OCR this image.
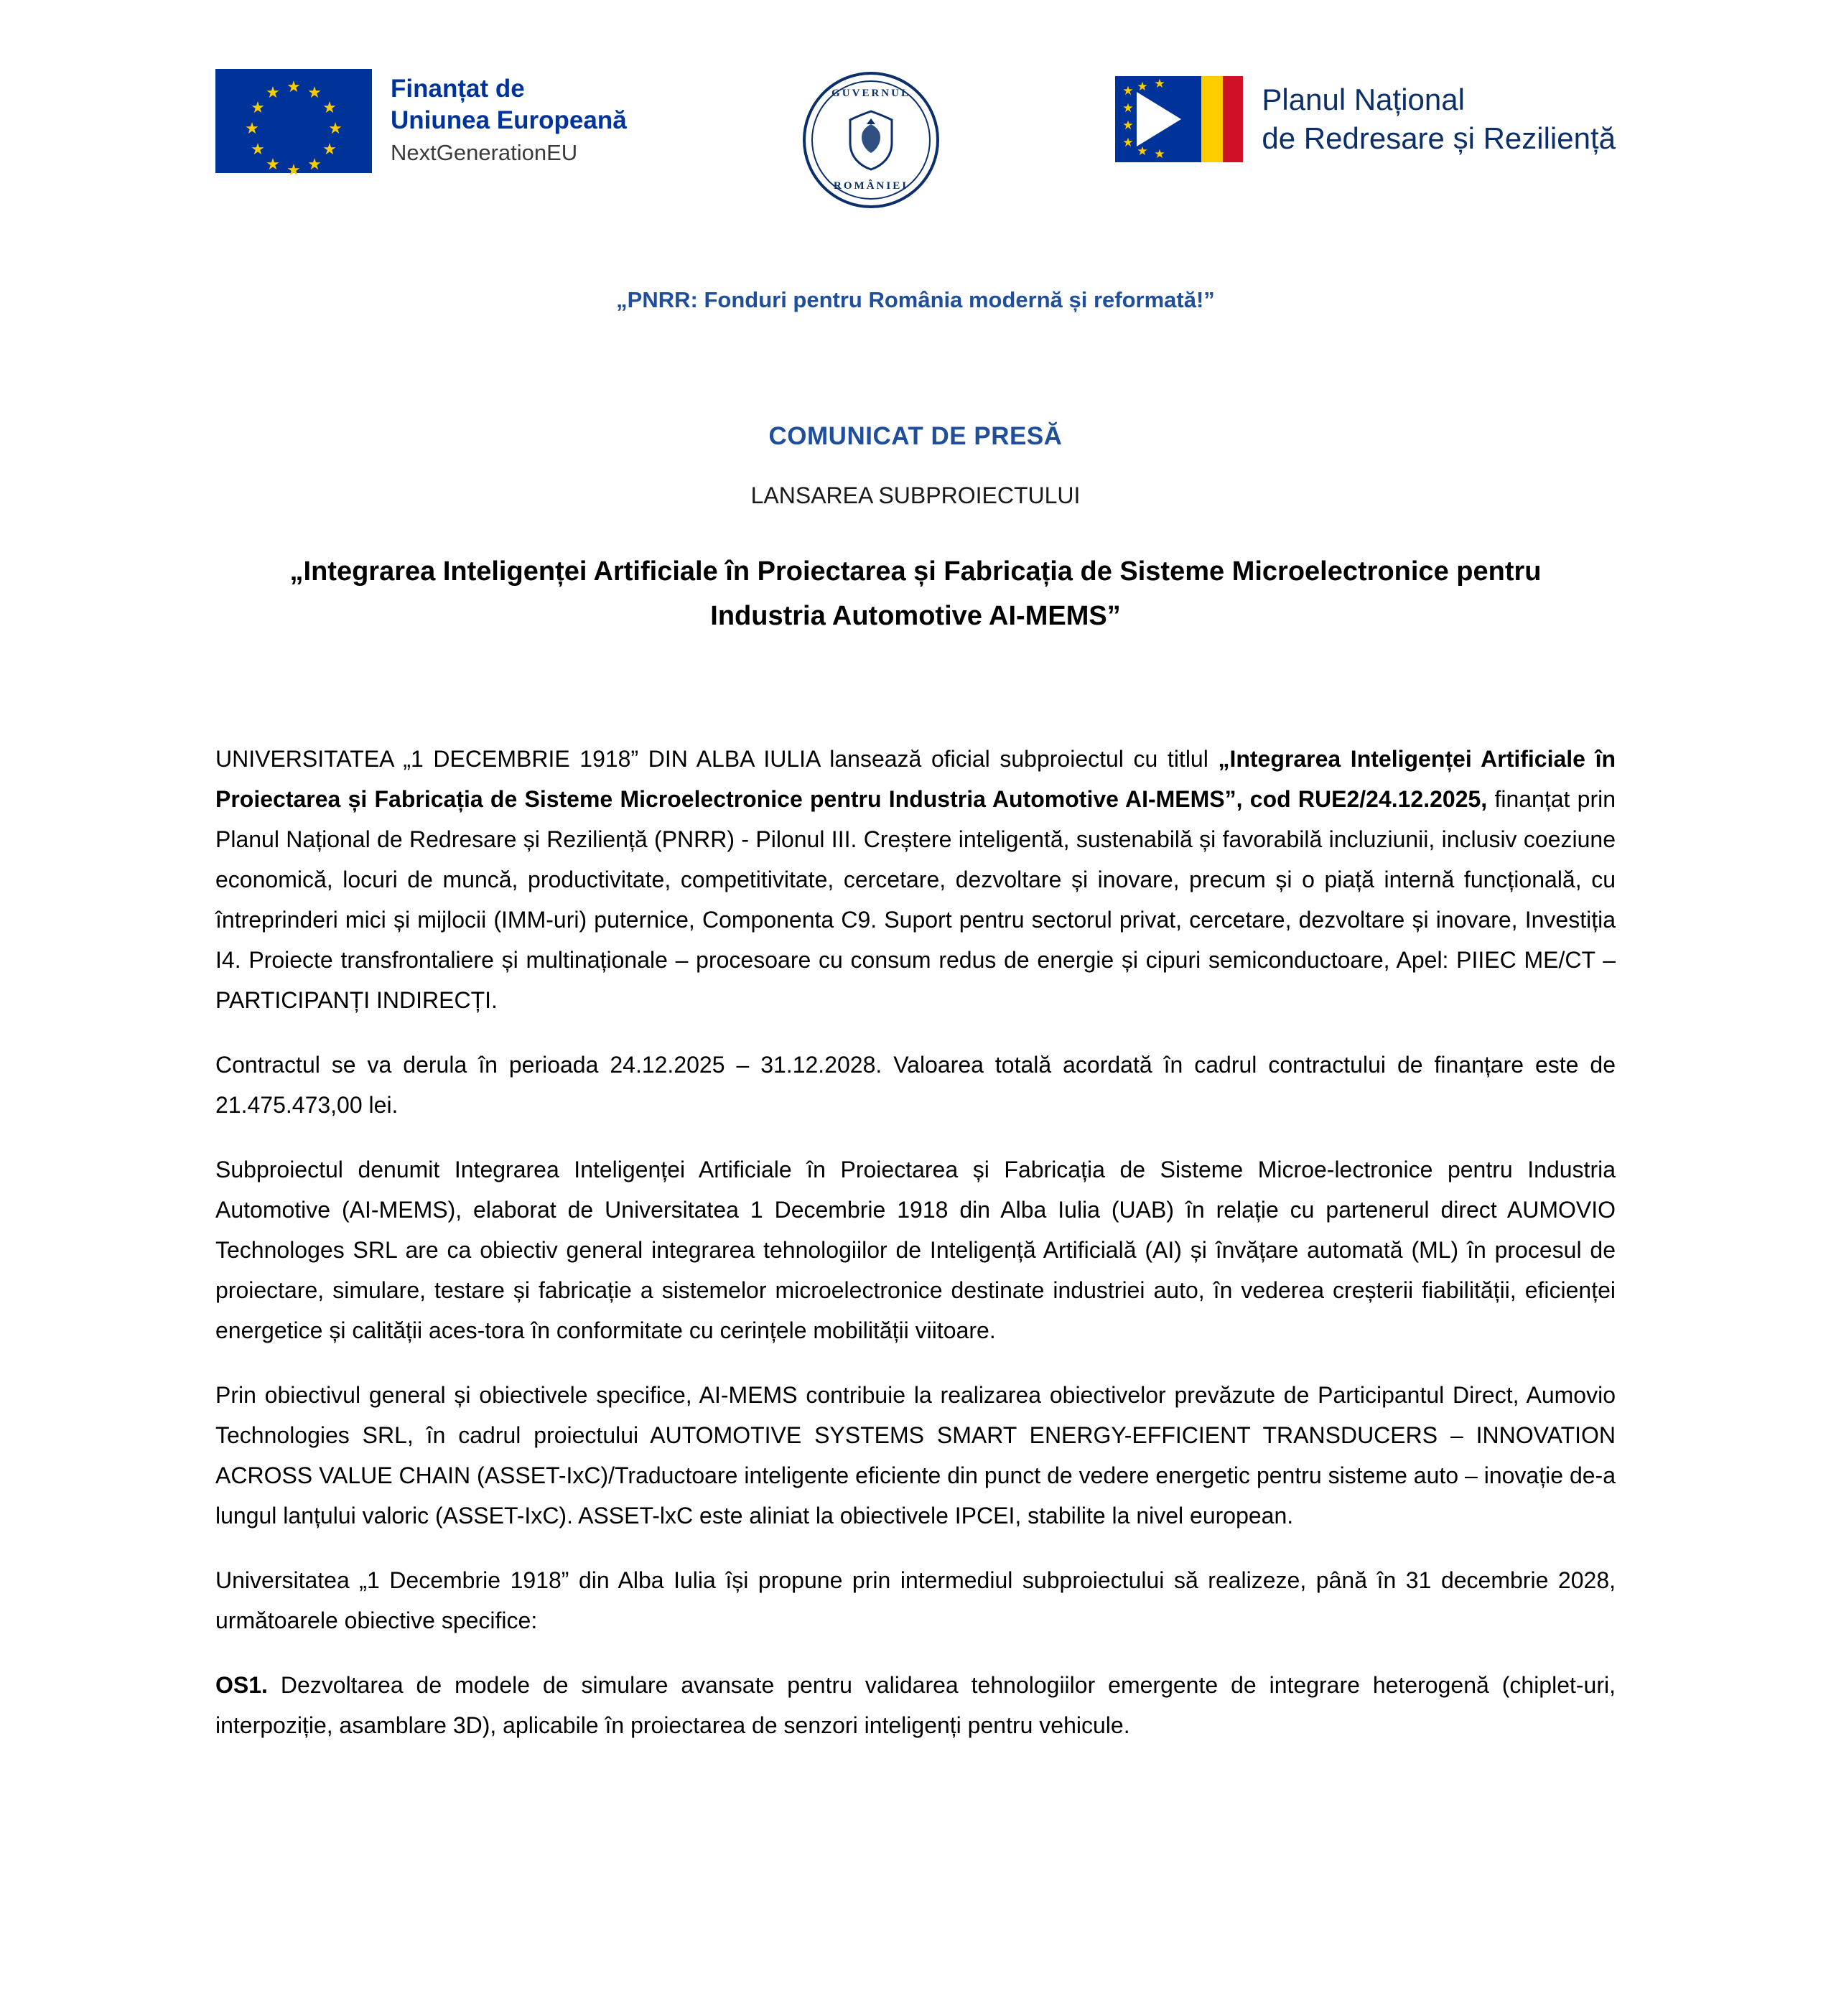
★ ★
★
★
★
★
★
★
★
★
★
★	Finanțat de
Uniunea Europeană
NextGenerationEU
GUVERNUL
ROMÂNIEI
★
★
★
★
★
★
★
★
Planul Național
de Redresare și Reziliență
„PNRR: Fonduri pentru România modernă și reformată!”
COMUNICAT DE PRESĂ
LANSAREA SUBPROIECTULUI
„Integrarea Inteligenței Artificiale în Proiectarea și Fabricația de Sisteme Microelectronice pentru Industria Automotive AI-MEMS”

UNIVERSITATEA „1 DECEMBRIE 1918” DIN ALBA IULIA lansează oficial subproiectul cu titlul „Integrarea Inteligenței Artificiale în Proiectarea și Fabricația de Sisteme Microelectronice pentru Industria Automotive AI-MEMS”, cod RUE2/24.12.2025, finanțat prin Planul Național de Redresare și Reziliență (PNRR) - Pilonul III. Creștere inteligentă, sustenabilă și favorabilă incluziunii, inclusiv coeziune economică, locuri de muncă, productivitate, competitivitate, cercetare, dezvoltare și inovare, precum și o piață internă funcțională, cu întreprinderi mici și mijlocii (IMM-uri) puternice, Componenta C9. Suport pentru sectorul privat, cercetare, dezvoltare și inovare, Investiția I4. Proiecte transfrontaliere și multinaționale – procesoare cu consum redus de energie și cipuri semiconductoare, Apel: PIIEC ME/CT – PARTICIPANȚI INDIRECȚI.

Contractul se va derula în perioada 24.12.2025 – 31.12.2028. Valoarea totală acordată în cadrul contractului de finanțare este de 21.475.473,00 lei.

Subproiectul denumit Integrarea Inteligenței Artificiale în Proiectarea și Fabricația de Sisteme Microe-lectronice pentru Industria Automotive (AI-MEMS), elaborat de Universitatea 1 Decembrie 1918 din Alba Iulia (UAB) în relație cu partenerul direct AUMOVIO Technologes SRL are ca obiectiv general integrarea tehnologiilor de Inteligență Artificială (AI) și învățare automată (ML) în procesul de proiectare, simulare, testare și fabricație a sistemelor microelectronice destinate industriei auto, în vederea creșterii fiabilității, eficienței energetice și calității aces-tora în conformitate cu cerințele mobilității viitoare.

Prin obiectivul general și obiectivele specifice, AI-MEMS contribuie la realizarea obiectivelor prevăzute de Participantul Direct, Aumovio Technologies SRL, în cadrul proiectului AUTOMOTIVE SYSTEMS SMART ENERGY-EFFICIENT TRANSDUCERS – INNOVATION ACROSS VALUE CHAIN (ASSET-IxC)/Traductoare inteligente eficiente din punct de vedere energetic pentru sisteme auto – inovație de-a lungul lanțului valoric (ASSET-IxC). ASSET-lxC este aliniat la obiectivele IPCEI, stabilite la nivel european.

Universitatea „1 Decembrie 1918” din Alba Iulia își propune prin intermediul subproiectului să realizeze, până în 31 decembrie 2028, următoarele obiective specifice:

OS1. Dezvoltarea de modele de simulare avansate pentru validarea tehnologiilor emergente de integrare heterogenă (chiplet-uri, interpoziție, asamblare 3D), aplicabile în proiectarea de senzori inteligenți pentru vehicule.
